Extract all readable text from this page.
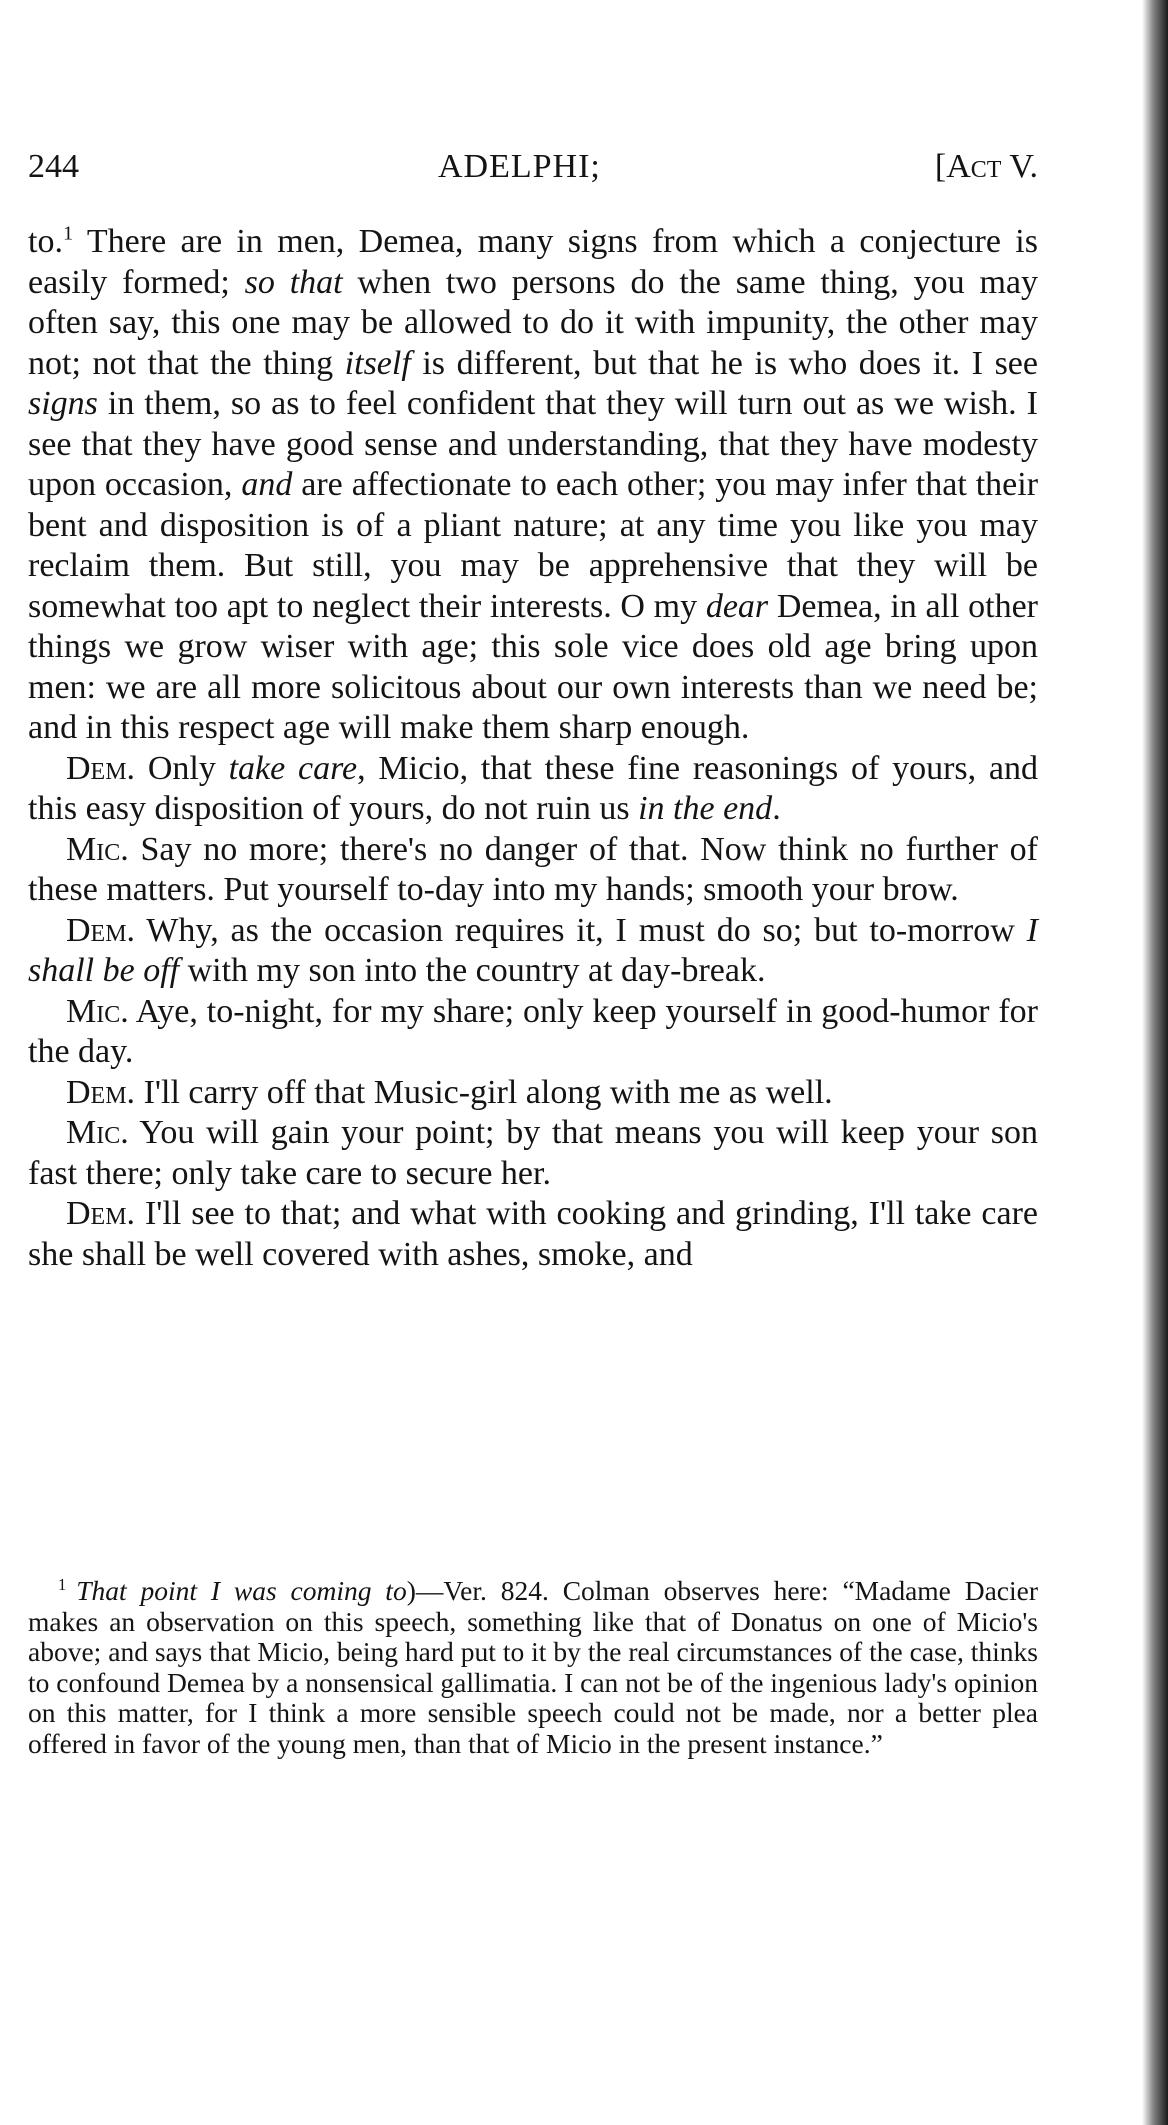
244	ADELPHI;	[Act V.

to.$^1$ There are in men, Demea, many signs from which a conjecture is easily formed; so that when two persons do the same thing, you may often say, this one may be allowed to do it with impunity, the other may not; not that the thing itself is different, but that he is who does it. I see signs in them, so as to feel confident that they will turn out as we wish. I see that they have good sense and understanding, that they have modesty upon occasion, and are affectionate to each other; you may infer that their bent and disposition is of a pliant nature; at any time you like you may reclaim them. But still, you may be apprehensive that they will be somewhat too apt to neglect their interests. O my dear Demea, in all other things we grow wiser with age; this sole vice does old age bring upon men: we are all more solicitous about our own interests than we need be; and in this respect age will make them sharp enough.

Dem. Only take care, Micio, that these fine reasonings of yours, and this easy disposition of yours, do not ruin us in the end.

Mic. Say no more; there's no danger of that. Now think no further of these matters. Put yourself to-day into my hands; smooth your brow.

Dem. Why, as the occasion requires it, I must do so; but to-morrow I shall be off with my son into the country at day-break.

Mic. Aye, to-night, for my share; only keep yourself in good-humor for the day.

Dem. I'll carry off that Music-girl along with me as well.

Mic. You will gain your point; by that means you will keep your son fast there; only take care to secure her.

Dem. I'll see to that; and what with cooking and grinding, I'll take care she shall be well covered with ashes, smoke, and

$^1$ That point I was coming to)—Ver. 824. Colman observes here: “Madame Dacier makes an observation on this speech, something like that of Donatus on one of Micio's above; and says that Micio, being hard put to it by the real circumstances of the case, thinks to confound Demea by a nonsensical gallimatia. I can not be of the ingenious lady's opinion on this matter, for I think a more sensible speech could not be made, nor a better plea offered in favor of the young men, than that of Micio in the present instance.”
